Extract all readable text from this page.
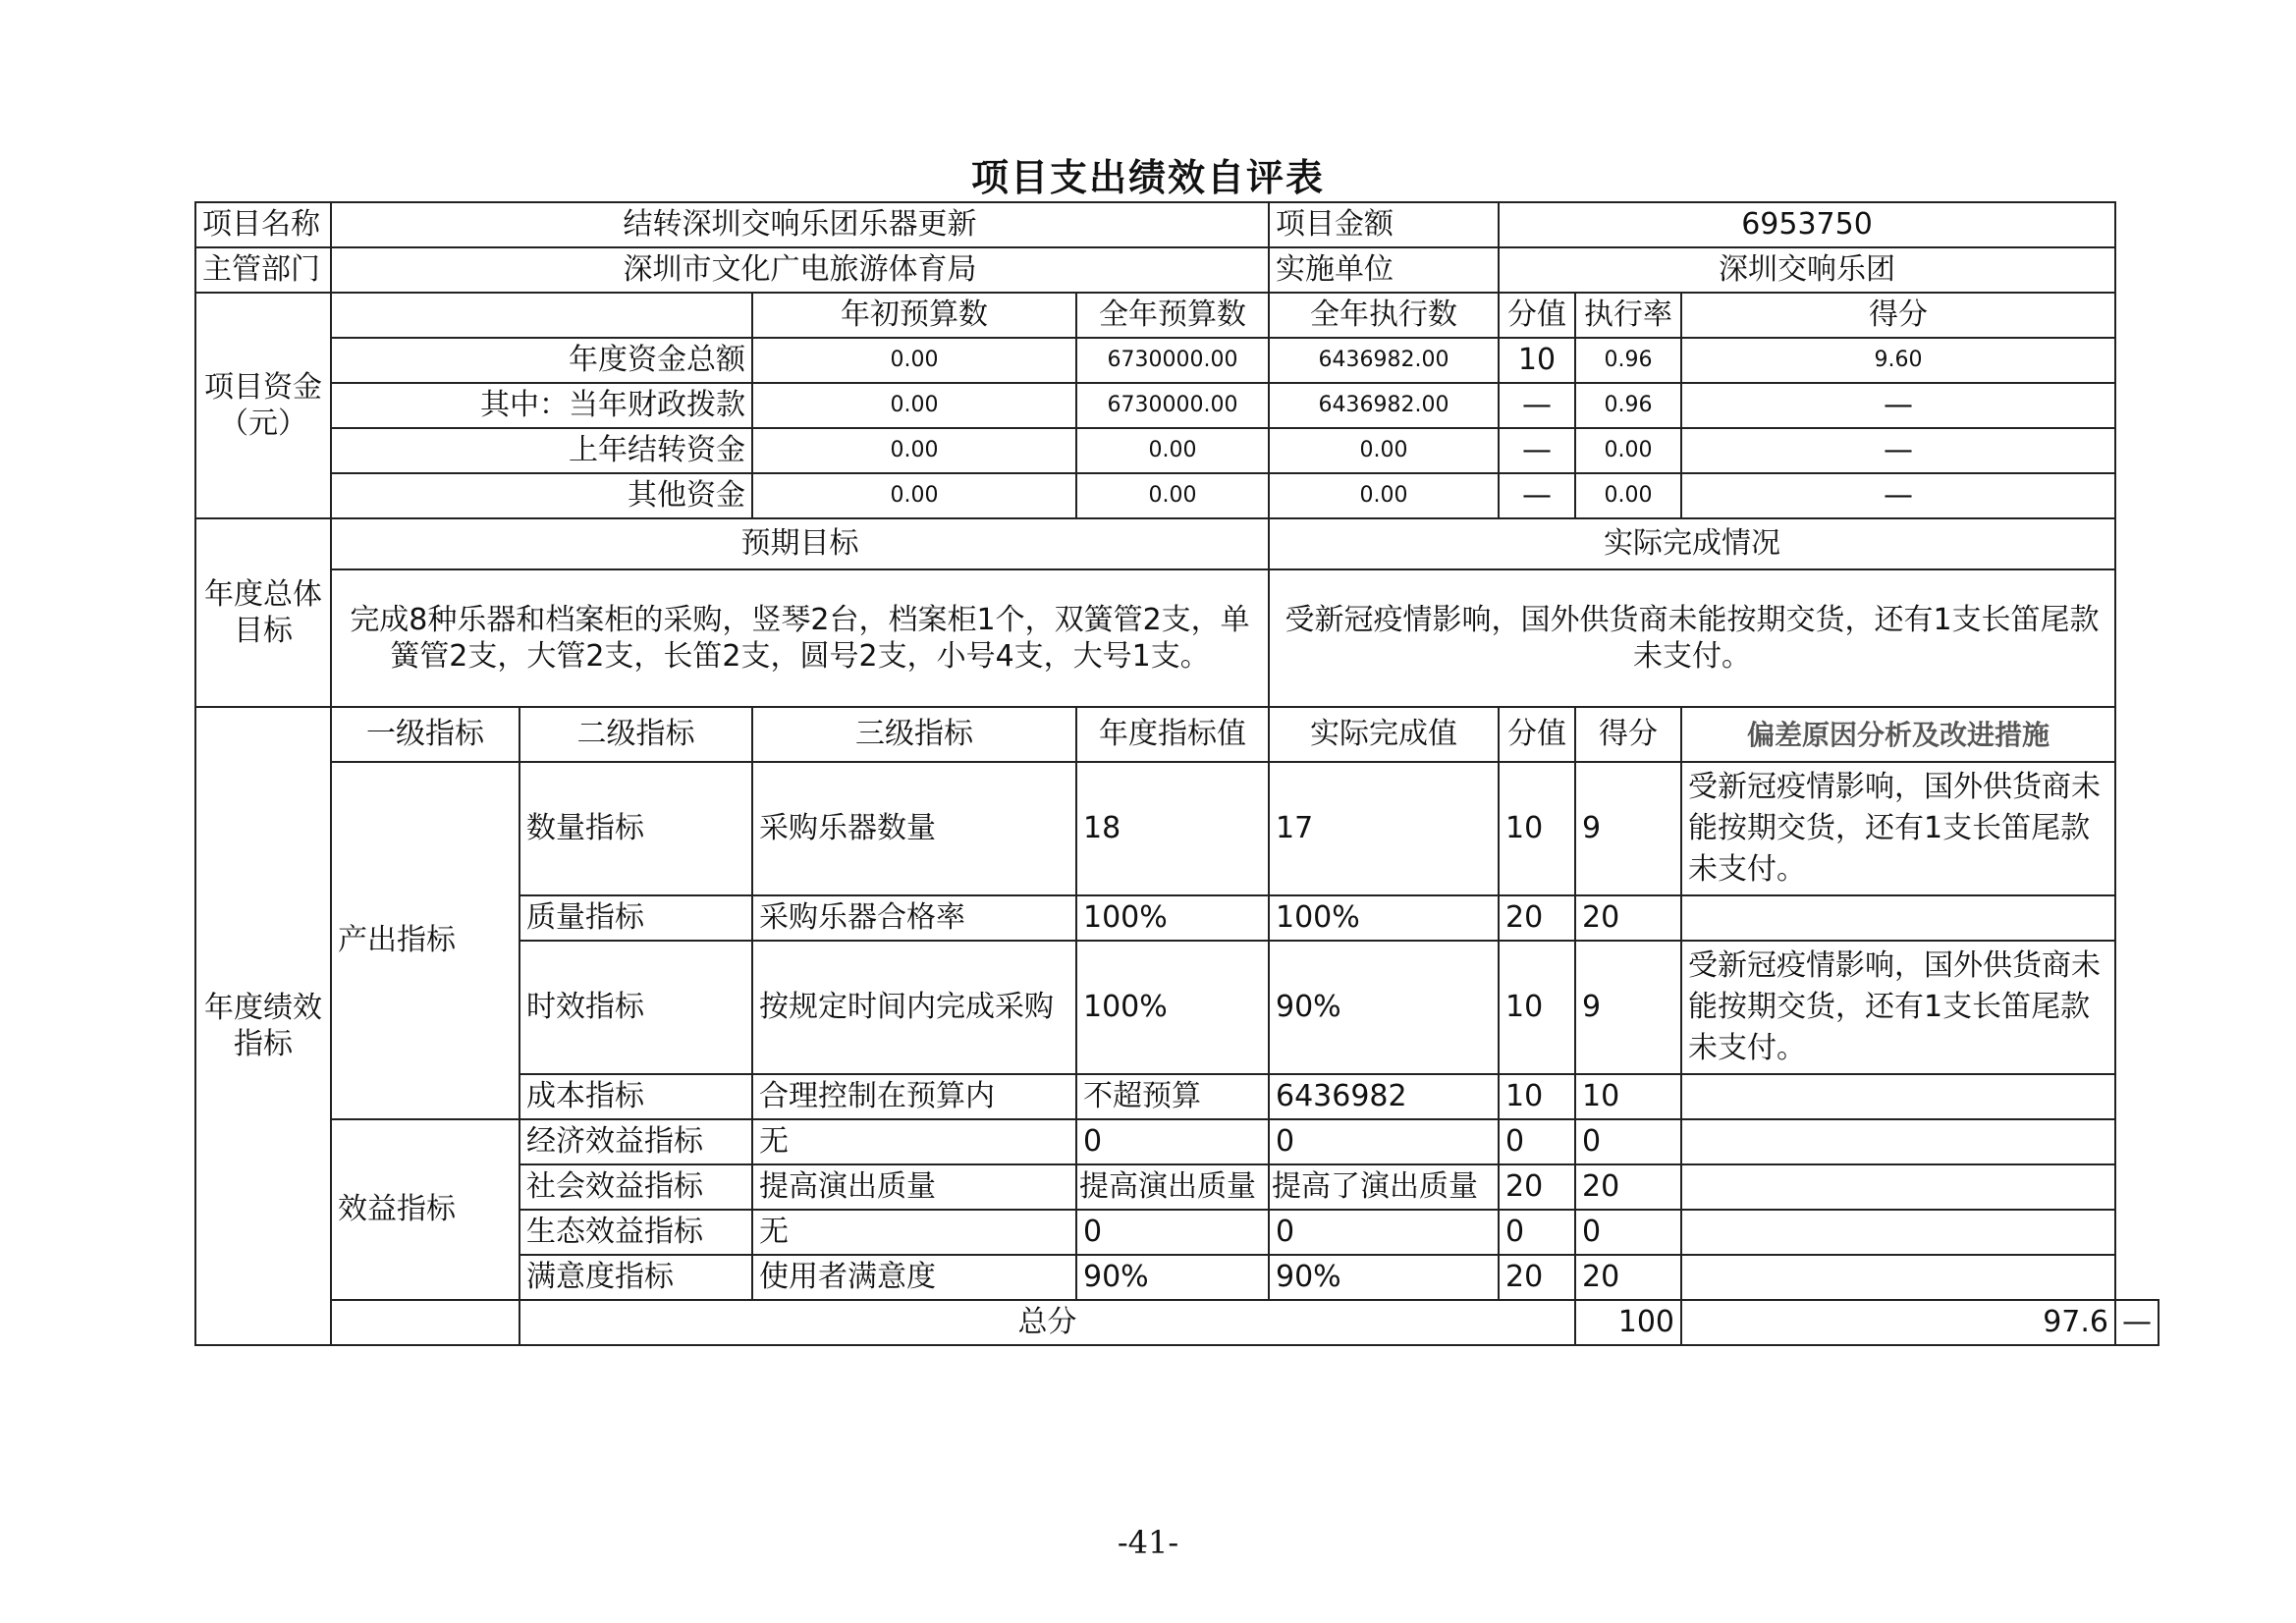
项目支出绩效自评表
项目名称	结转深圳交响乐团乐器更新				项目金额	6953750			
主管部门	深圳市文化广电旅游体育局				实施单位	深圳交响乐团			

项目资金
（元）			年初预算数	全年预算数	全年执行数	分值	执行率	得分	
	年度资金总额		0.00	6730000.00	6436982.00	10	0.96	9.60	
	其中：当年财政拨款		0.00	6730000.00	6436982.00	—	0.96	—	
	上年结转资金		0.00	0.00	0.00	—	0.00	—	
	其他资金		0.00	0.00	0.00	—	0.00	—	

年度总体
目标	预期目标				实际完成情况				
	完成8种乐器和档案柜的采购，竖琴2台，档案柜1个，双簧管2支，单簧管2支，大管2支，长笛2支，圆号2支，小号4支，大号1支。				受新冠疫情影响，国外供货商未能按期交货，还有1支长笛尾款未支付。				

年度绩效
指标	一级指标	二级指标	三级指标	年度指标值	实际完成值	分值	得分	偏差原因分析及改进措施	
	产出指标	数量指标	采购乐器数量	18	17	10	9	受新冠疫情影响，国外供货商未能按期交货，还有1支长笛尾款未支付。	
		质量指标	采购乐器合格率	100%	100%	20	20		
		时效指标	按规定时间内完成采购	100%	90%	10	9	受新冠疫情影响，国外供货商未能按期交货，还有1支长笛尾款未支付。	
		成本指标	合理控制在预算内	不超预算	6436982	10	10		
	效益指标	经济效益指标	无	0	0	0	0		
		社会效益指标	提高演出质量	提高演出质量	提高了演出质量	20	20		
		生态效益指标	无	0	0	0	0		
		满意度指标	使用者满意度	90%	90%	20	20		
		总分					100	97.6	—
-41-
